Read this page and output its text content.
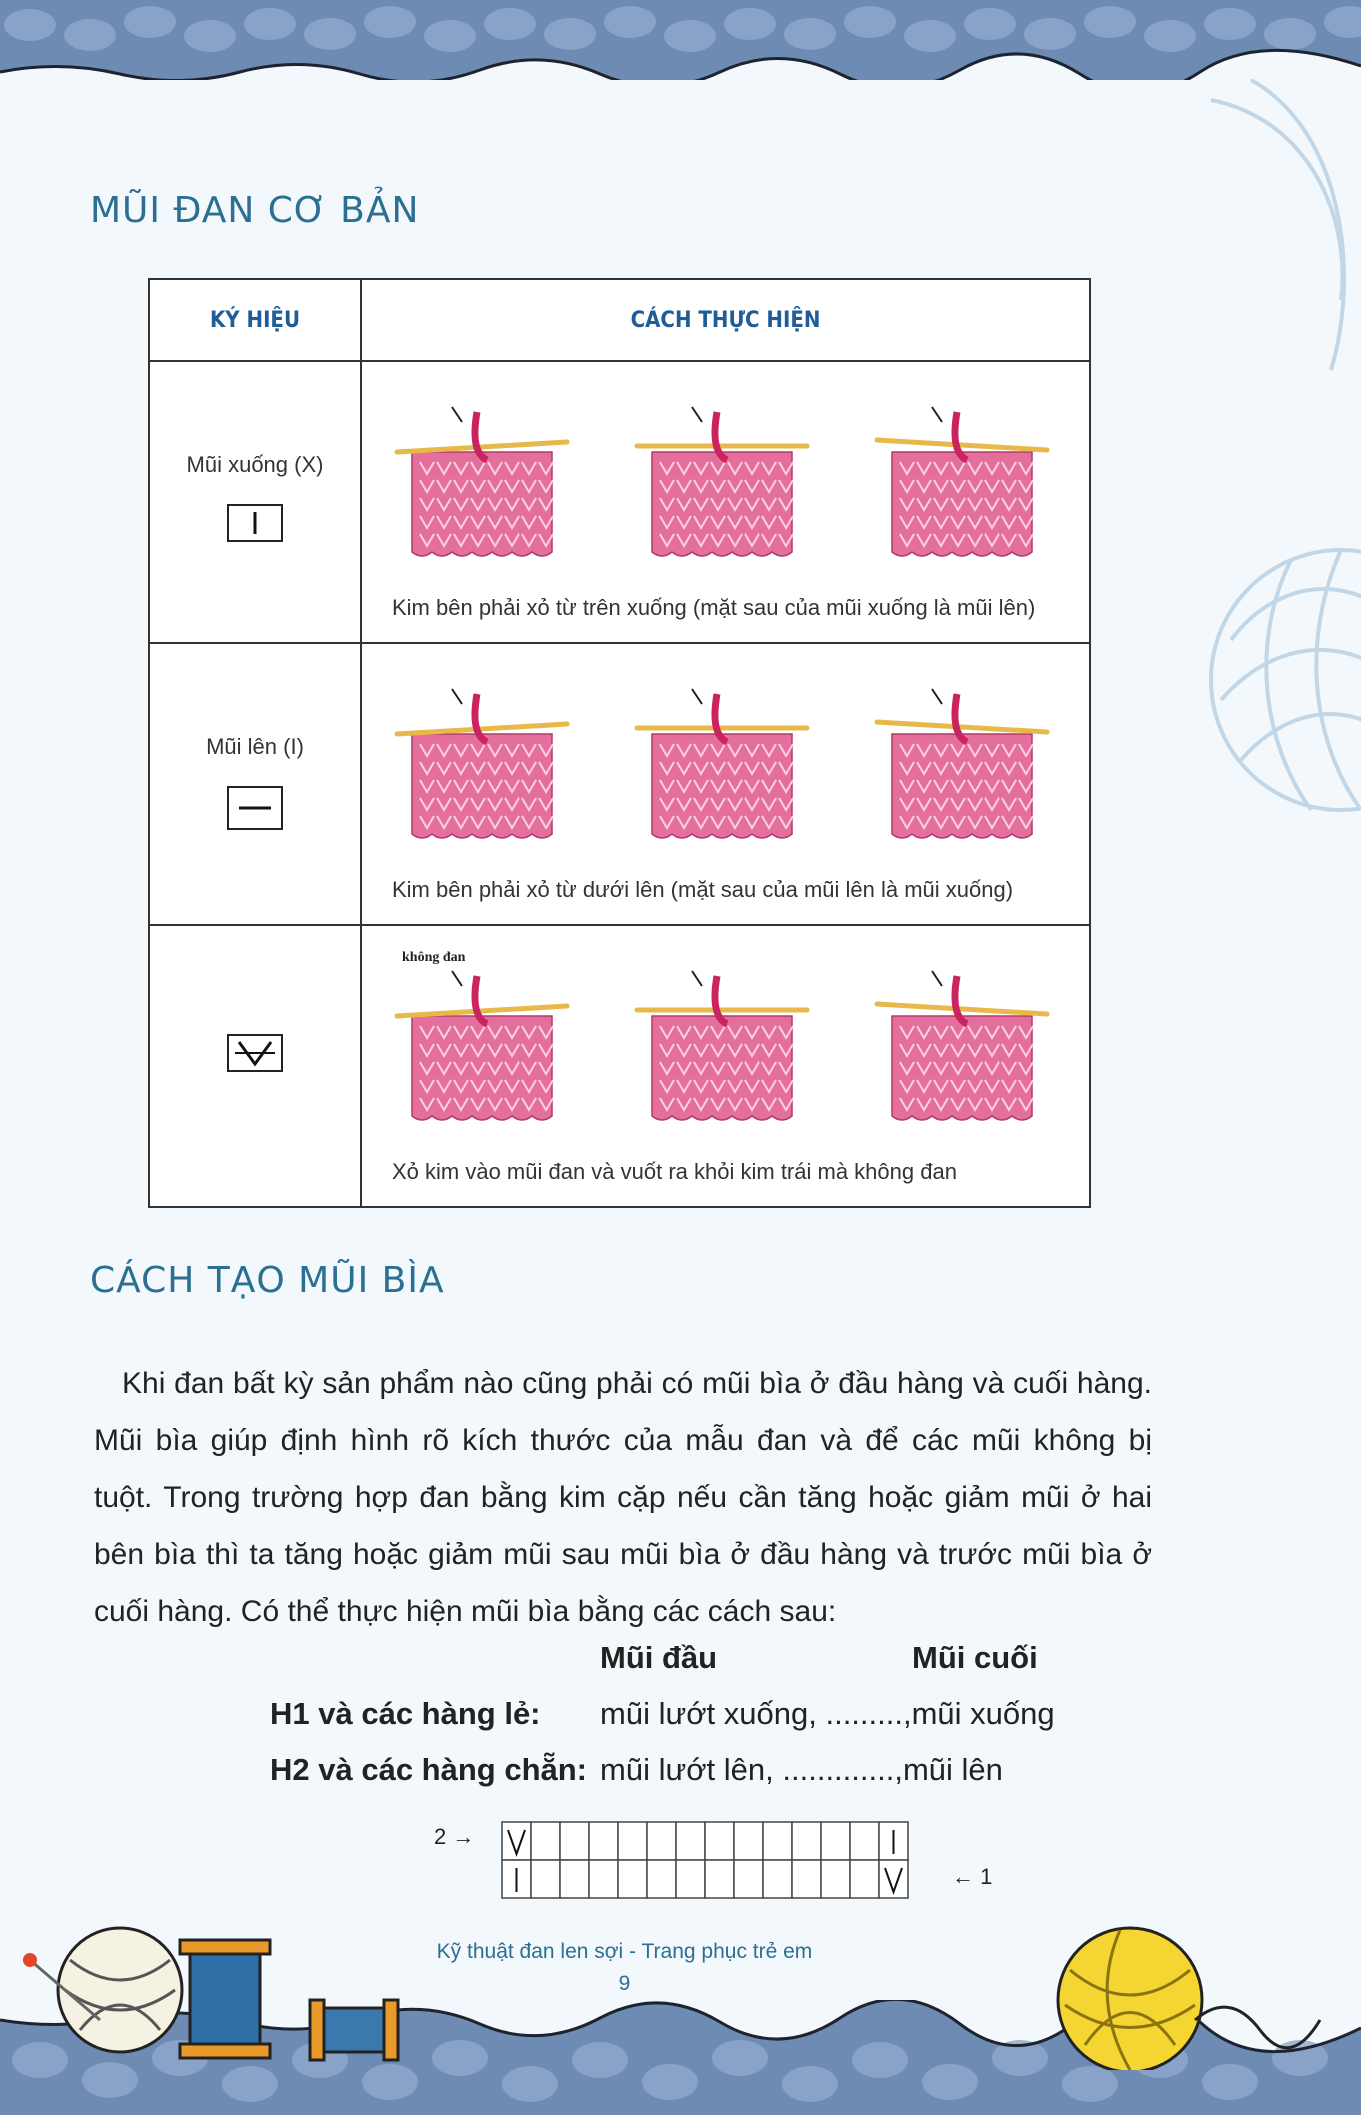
MŨI ĐAN CƠ BẢN
KÝ HIỆU	CÁCH THỰC HIỆN

Mũi xuống (X)	Kim bên phải xỏ từ trên xuống (mặt sau của mũi xuống là mũi lên)

Mũi lên (I)	Kim bên phải xỏ từ dưới lên (mặt sau của mũi lên là mũi xuống)

không đan
Xỏ kim vào mũi đan và vuốt ra khỏi kim trái mà không đan
CÁCH TẠO MŨI BÌA

Khi đan bất kỳ sản phẩm nào cũng phải có mũi bìa ở đầu hàng và cuối hàng.
Mũi bìa giúp định hình rõ kích thước của mẫu đan và để các mũi không bị
tuột. Trong trường hợp đan bằng kim cặp nếu cần tăng hoặc giảm mũi ở hai
bên bìa thì ta tăng hoặc giảm mũi sau mũi bìa ở đầu hàng và trước mũi bìa ở
cuối hàng. Có thể thực hiện mũi bìa bằng các cách sau:

Mũi đầu	Mũi cuối
H1 và các hàng lẻ: mũi lướt xuống, .........,mũi xuống
H2 và các hàng chẵn: mũi lướt lên, .............,mũi lên
2 →
← 1
Kỹ thuật đan len sợi - Trang phục trẻ em
9
